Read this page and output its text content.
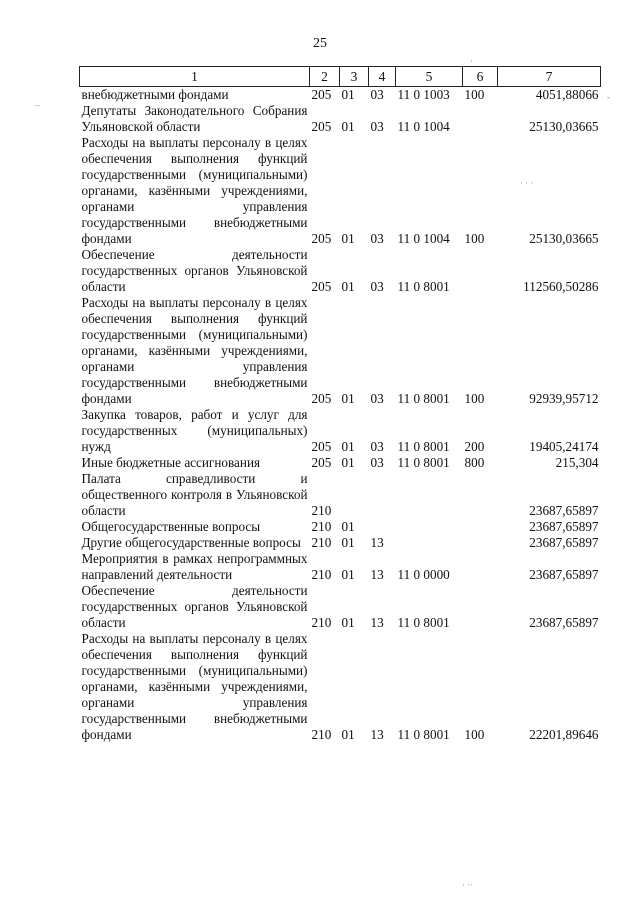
25
1	2	3	4	5	6	7
внебюджетными фондами	205	01	03	11 0 1003	100	4051,88066
Депутаты Законодательного Собрания Ульяновской области	205	01	03	11 0 1004		25130,03665
Расходы на выплаты персоналу в целях обеспечения выполнения функций государственными (муниципальными) органами, казёнными учреждениями, органами управления государственными внебюджетными фондами	205	01	03	11 0 1004	100	25130,03665
Обеспечение деятельности государственных органов Ульяновской области	205	01	03	11 0 8001		112560,50286
Расходы на выплаты персоналу в целях обеспечения выполнения функций государственными (муниципальными) органами, казёнными учреждениями, органами управления государственными внебюджетными фондами	205	01	03	11 0 8001	100	92939,95712
Закупка товаров, работ и услуг для государственных (муниципальных) нужд	205	01	03	11 0 8001	200	19405,24174
Иные бюджетные ассигнования	205	01	03	11 0 8001	800	215,304
Палата справедливости и общественного контроля в Ульяновской области	210					23687,65897
Общегосударственные вопросы	210	01				23687,65897
Другие общегосударственные вопросы	210	01	13			23687,65897
Мероприятия в рамках непрограммных направлений деятельности	210	01	13	11 0 0000		23687,65897
Обеспечение деятельности государственных органов Ульяновской области	210	01	13	11 0 8001		23687,65897
Расходы на выплаты персоналу в целях обеспечения выполнения функций государственными (муниципальными) органами, казёнными учреждениями, органами управления государственными внебюджетными фондами	210	01	13	11 0 8001	100	22201,89646
–
-
·
· · ·
· ··
